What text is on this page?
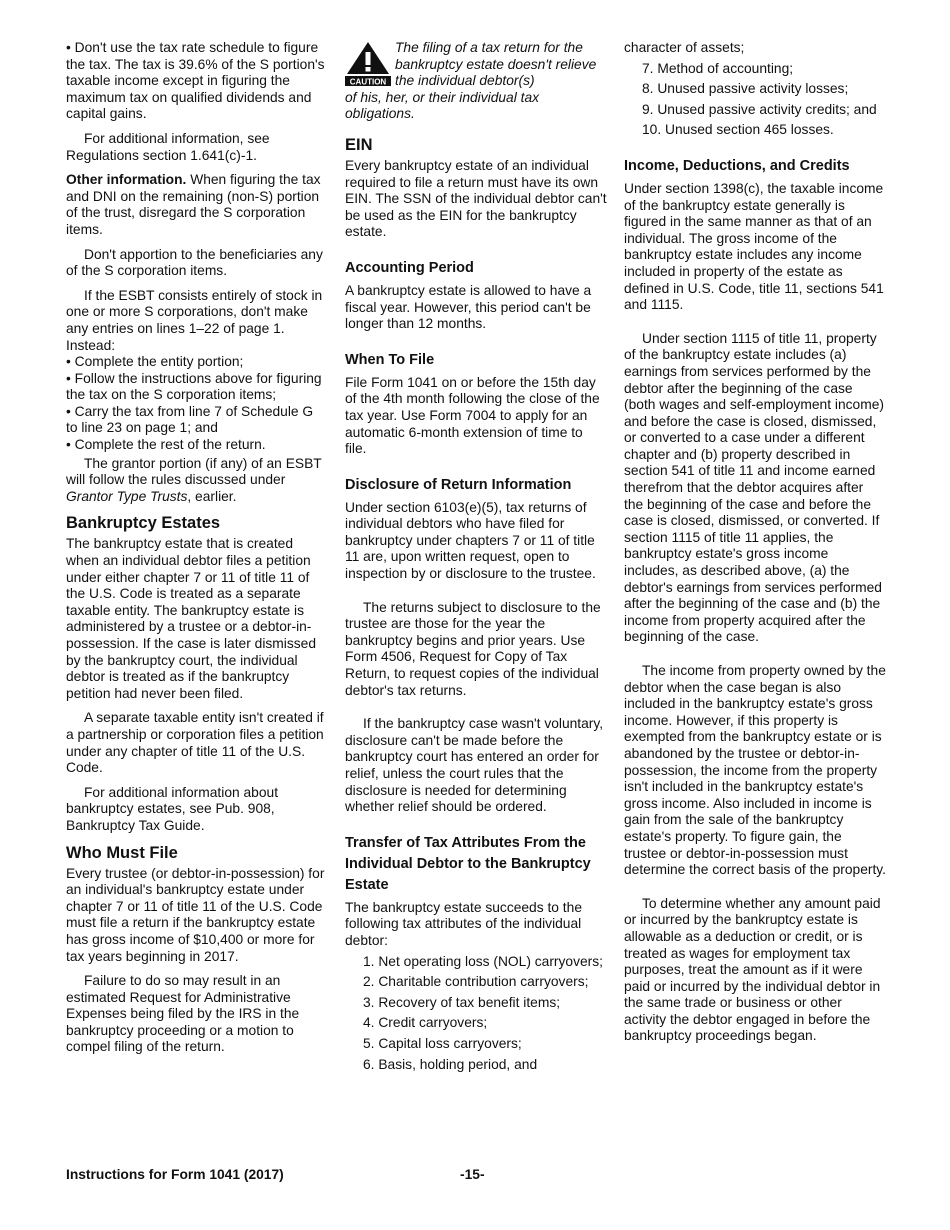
• Don't use the tax rate schedule to figure the tax. The tax is 39.6% of the S portion's taxable income except in figuring the maximum tax on qualified dividends and capital gains.

For additional information, see Regulations section 1.641(c)-1.

Other information. When figuring the tax and DNI on the remaining (non-S) portion of the trust, disregard the S corporation items.

Don't apportion to the beneficiaries any of the S corporation items.

If the ESBT consists entirely of stock in one or more S corporations, don't make any entries on lines 1–22 of page 1. Instead:

• Complete the entity portion;

• Follow the instructions above for figuring the tax on the S corporation items;

• Carry the tax from line 7 of Schedule G to line 23 on page 1; and

• Complete the rest of the return.

The grantor portion (if any) of an ESBT will follow the rules discussed under Grantor Type Trusts, earlier.

Bankruptcy Estates

The bankruptcy estate that is created when an individual debtor files a petition under either chapter 7 or 11 of title 11 of the U.S. Code is treated as a separate taxable entity. The bankruptcy estate is administered by a trustee or a debtor-in-possession. If the case is later dismissed by the bankruptcy court, the individual debtor is treated as if the bankruptcy petition had never been filed.

A separate taxable entity isn't created if a partnership or corporation files a petition under any chapter of title 11 of the U.S. Code.

For additional information about bankruptcy estates, see Pub. 908, Bankruptcy Tax Guide.

Who Must File

Every trustee (or debtor-in-possession) for an individual's bankruptcy estate under chapter 7 or 11 of title 11 of the U.S. Code must file a return if the bankruptcy estate has gross income of $10,400 or more for tax years beginning in 2017.

Failure to do so may result in an estimated Request for Administrative Expenses being filed by the IRS in the bankruptcy proceeding or a motion to compel filing of the return.

CAUTION
The filing of a tax return for the bankruptcy estate doesn't relieve the individual debtor(s)

of his, her, or their individual tax obligations.

EIN

Every bankruptcy estate of an individual required to file a return must have its own EIN. The SSN of the individual debtor can't be used as the EIN for the bankruptcy estate.

Accounting Period

A bankruptcy estate is allowed to have a fiscal year. However, this period can't be longer than 12 months.

When To File

File Form 1041 on or before the 15th day of the 4th month following the close of the tax year. Use Form 7004 to apply for an automatic 6-month extension of time to file.

Disclosure of Return Information

Under section 6103(e)(5), tax returns of individual debtors who have filed for bankruptcy under chapters 7 or 11 of title 11 are, upon written request, open to inspection by or disclosure to the trustee.

The returns subject to disclosure to the trustee are those for the year the bankruptcy begins and prior years. Use Form 4506, Request for Copy of Tax Return, to request copies of the individual debtor's tax returns.

If the bankruptcy case wasn't voluntary, disclosure can't be made before the bankruptcy court has entered an order for relief, unless the court rules that the disclosure is needed for determining whether relief should be ordered.

Transfer of Tax Attributes From the Individual Debtor to the Bankruptcy Estate

The bankruptcy estate succeeds to the following tax attributes of the individual debtor:

1. Net operating loss (NOL) carryovers;
2. Charitable contribution carryovers;
3. Recovery of tax benefit items;
4. Credit carryovers;
5. Capital loss carryovers;
6. Basis, holding period, and

character of assets;

7. Method of accounting;
8. Unused passive activity losses;
9. Unused passive activity credits; and
10. Unused section 465 losses.
Income, Deductions, and Credits

Under section 1398(c), the taxable income of the bankruptcy estate generally is figured in the same manner as that of an individual. The gross income of the bankruptcy estate includes any income included in property of the estate as defined in U.S. Code, title 11, sections 541 and 1115.

Under section 1115 of title 11, property of the bankruptcy estate includes (a) earnings from services performed by the debtor after the beginning of the case (both wages and self-employment income) and before the case is closed, dismissed, or converted to a case under a different chapter and (b) property described in section 541 of title 11 and income earned therefrom that the debtor acquires after the beginning of the case and before the case is closed, dismissed, or converted. If section 1115 of title 11 applies, the bankruptcy estate's gross income includes, as described above, (a) the debtor's earnings from services performed after the beginning of the case and (b) the income from property acquired after the beginning of the case.

The income from property owned by the debtor when the case began is also included in the bankruptcy estate's gross income. However, if this property is exempted from the bankruptcy estate or is abandoned by the trustee or debtor-in-possession, the income from the property isn't included in the bankruptcy estate's gross income. Also included in income is gain from the sale of the bankruptcy estate's property. To figure gain, the trustee or debtor-in-possession must determine the correct basis of the property.

To determine whether any amount paid or incurred by the bankruptcy estate is allowable as a deduction or credit, or is treated as wages for employment tax purposes, treat the amount as if it were paid or incurred by the individual debtor in the same trade or business or other activity the debtor engaged in before the bankruptcy proceedings began.

Instructions for Form 1041 (2017)	-15-
